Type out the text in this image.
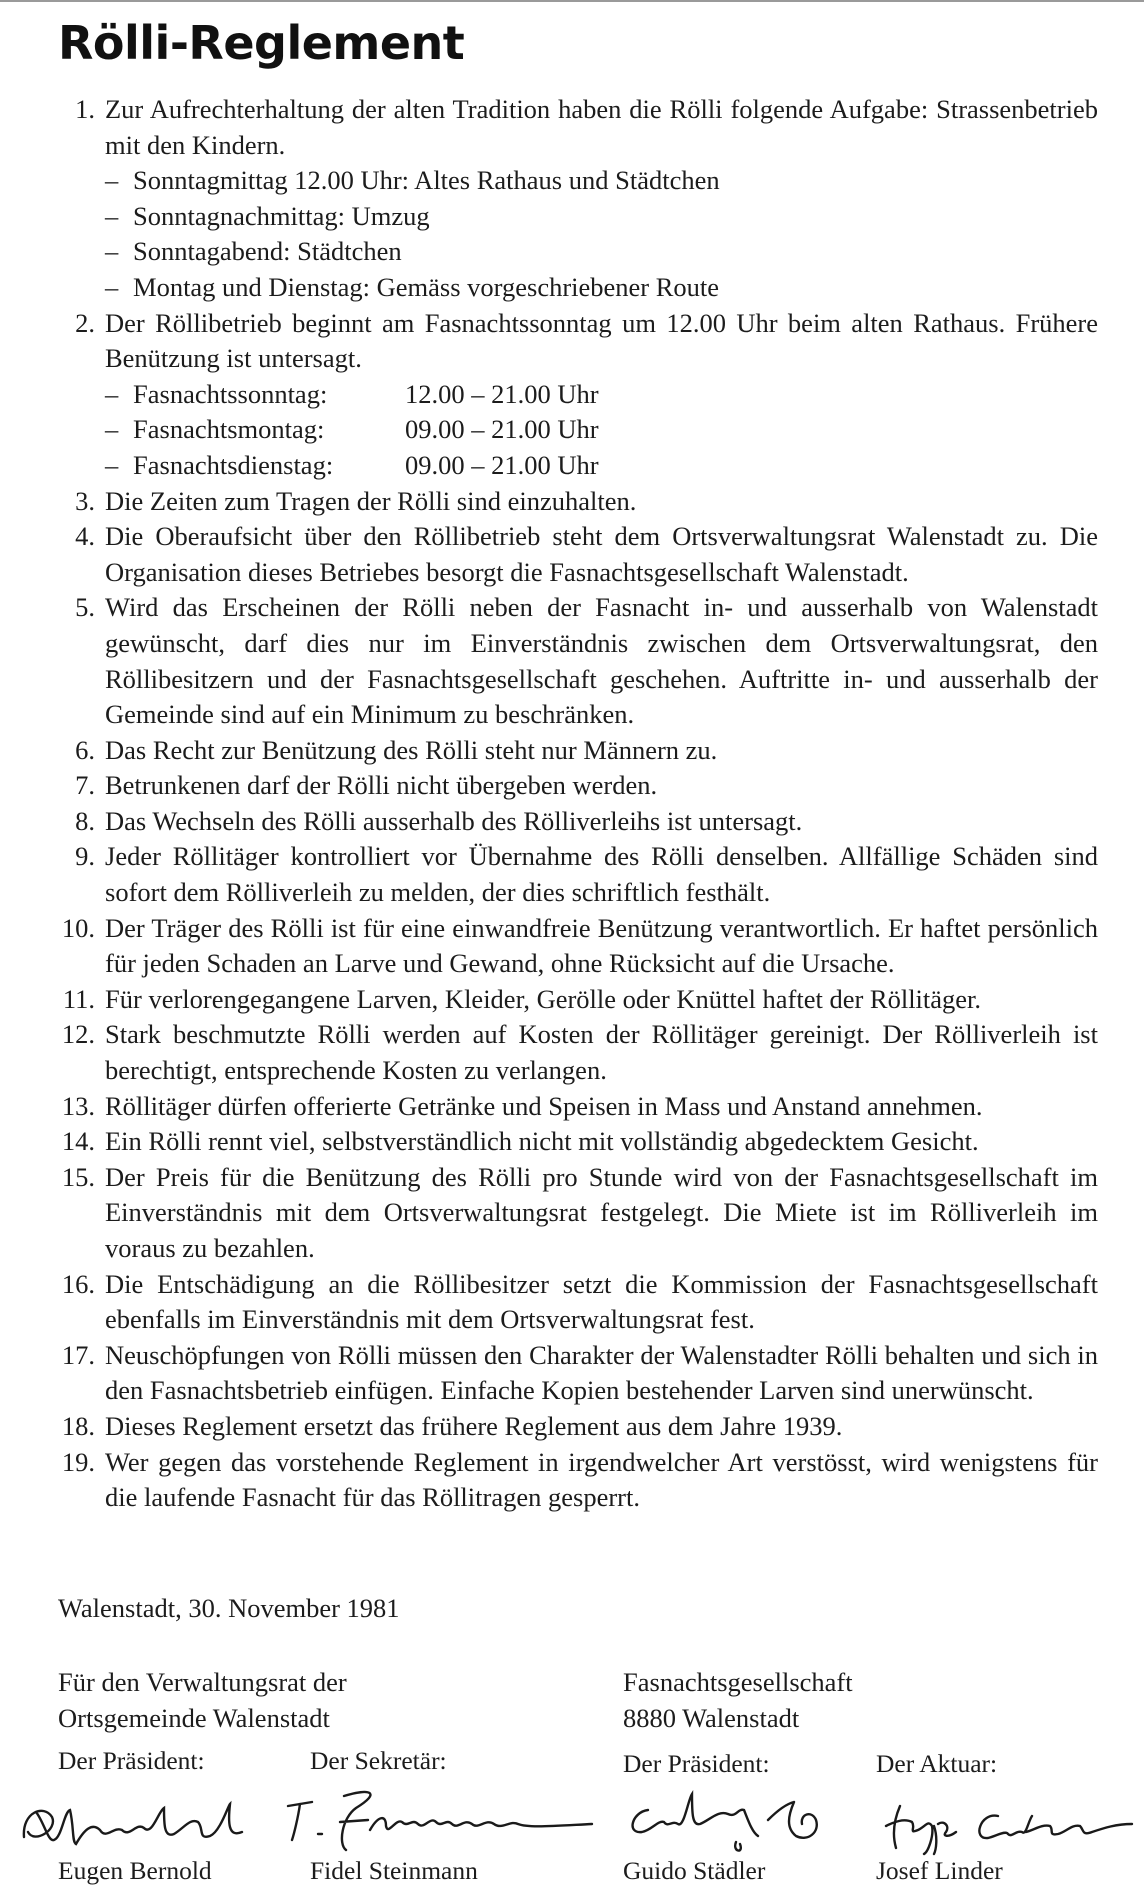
Rölli-Reglement
1. Zur Aufrechterhaltung der alten Tradition haben die Rölli folgende Aufgabe: Strassenbetrieb mit den Kindern.
– Sonntagmittag 12.00 Uhr: Altes Rathaus und Städtchen
– Sonntagnachmittag: Umzug
– Sonntagabend: Städtchen
– Montag und Dienstag: Gemäss vorgeschriebener Route
2. Der Röllibetrieb beginnt am Fasnachtssonntag um 12.00 Uhr beim alten Rathaus. Frühere Benützung ist untersagt.
– Fasnachtssonntag:	12.00 – 21.00 Uhr
– Fasnachtsmontag:	09.00 – 21.00 Uhr
– Fasnachtsdienstag:	09.00 – 21.00 Uhr
3. Die Zeiten zum Tragen der Rölli sind einzuhalten.
4. Die Oberaufsicht über den Röllibetrieb steht dem Ortsverwaltungsrat Walenstadt zu. Die Organisation dieses Betriebes besorgt die Fasnachtsgesellschaft Walenstadt.
5. Wird das Erscheinen der Rölli neben der Fasnacht in- und ausserhalb von Walenstadt gewünscht, darf dies nur im Einverständnis zwischen dem Ortsverwaltungsrat, den Röllibesitzern und der Fasnachtsgesellschaft geschehen. Auftritte in- und ausserhalb der Gemeinde sind auf ein Minimum zu beschränken.
6. Das Recht zur Benützung des Rölli steht nur Männern zu.
7. Betrunkenen darf der Rölli nicht übergeben werden.
8. Das Wechseln des Rölli ausserhalb des Rölliverleihs ist untersagt.
9. Jeder Röllitäger kontrolliert vor Übernahme des Rölli denselben. Allfällige Schäden sind sofort dem Rölliverleih zu melden, der dies schriftlich festhält.
10. Der Träger des Rölli ist für eine einwandfreie Benützung verantwortlich. Er haftet persönlich für jeden Schaden an Larve und Gewand, ohne Rücksicht auf die Ursache.
11. Für verlorengegangene Larven, Kleider, Gerölle oder Knüttel haftet der Röllitäger.
12. Stark beschmutzte Rölli werden auf Kosten der Röllitäger gereinigt. Der Rölliverleih ist berechtigt, entsprechende Kosten zu verlangen.
13. Röllitäger dürfen offerierte Getränke und Speisen in Mass und Anstand annehmen.
14. Ein Rölli rennt viel, selbstverständlich nicht mit vollständig abgedecktem Gesicht.
15. Der Preis für die Benützung des Rölli pro Stunde wird von der Fasnachtsgesellschaft im Einverständnis mit dem Ortsverwaltungsrat festgelegt. Die Miete ist im Rölliverleih im voraus zu bezahlen.
16. Die Entschädigung an die Röllibesitzer setzt die Kommission der Fasnachtsgesellschaft ebenfalls im Einverständnis mit dem Ortsverwaltungsrat fest.
17. Neuschöpfungen von Rölli müssen den Charakter der Walenstadter Rölli behalten und sich in den Fasnachtsbetrieb einfügen. Einfache Kopien bestehender Larven sind unerwünscht.
18. Dieses Reglement ersetzt das frühere Reglement aus dem Jahre 1939.
19. Wer gegen das vorstehende Reglement in irgendwelcher Art verstösst, wird wenigstens für die laufende Fasnacht für das Röllitragen gesperrt.
Walenstadt, 30. November 1981
Für den Verwaltungsrat der
Ortsgemeinde Walenstadt
Fasnachtsgesellschaft
8880 Walenstadt
Der Präsident:	Der Sekretär:	Der Präsident:	Der Aktuar:
Eugen Bernold	Fidel Steinmann	Guido Städler	Josef Linder
